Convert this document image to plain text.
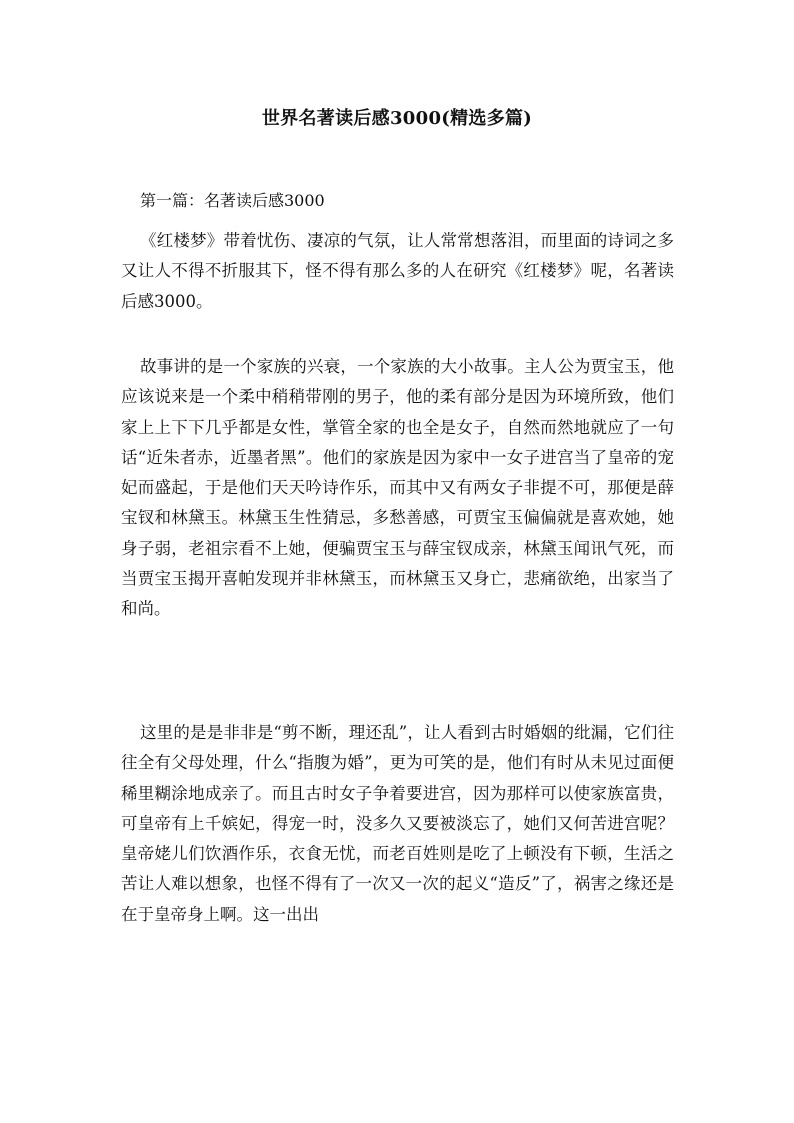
世界名著读后感3000(精选多篇)
第一篇：名著读后感3000

《红楼梦》带着忧伤、凄凉的气氛，让人常常想落泪，而里面的诗词之多又让人不得不折服其下，怪不得有那么多的人在研究《红楼梦》呢，名著读后感3000。

故事讲的是一个家族的兴衰，一个家族的大小故事。主人公为贾宝玉，他应该说来是一个柔中稍稍带刚的男子，他的柔有部分是因为环境所致，他们家上上下下几乎都是女性，掌管全家的也全是女子，自然而然地就应了一句话“近朱者赤，近墨者黑”。他们的家族是因为家中一女子进宫当了皇帝的宠妃而盛起，于是他们天天吟诗作乐，而其中又有两女子非提不可，那便是薛宝钗和林黛玉。林黛玉生性猜忌，多愁善感，可贾宝玉偏偏就是喜欢她，她身子弱，老祖宗看不上她，便骗贾宝玉与薛宝钗成亲，林黛玉闻讯气死，而当贾宝玉揭开喜帕发现并非林黛玉，而林黛玉又身亡，悲痛欲绝，出家当了和尚。

这里的是是非非是“剪不断，理还乱”，让人看到古时婚姻的纰漏，它们往往全有父母处理，什么“指腹为婚”，更为可笑的是，他们有时从未见过面便稀里糊涂地成亲了。而且古时女子争着要进宫，因为那样可以使家族富贵，可皇帝有上千嫔妃，得宠一时，没多久又要被淡忘了，她们又何苦进宫呢？皇帝姥儿们饮酒作乐，衣食无忧，而老百姓则是吃了上顿没有下顿，生活之苦让人难以想象，也怪不得有了一次又一次的起义“造反”了，祸害之缘还是在于皇帝身上啊。这一出出
